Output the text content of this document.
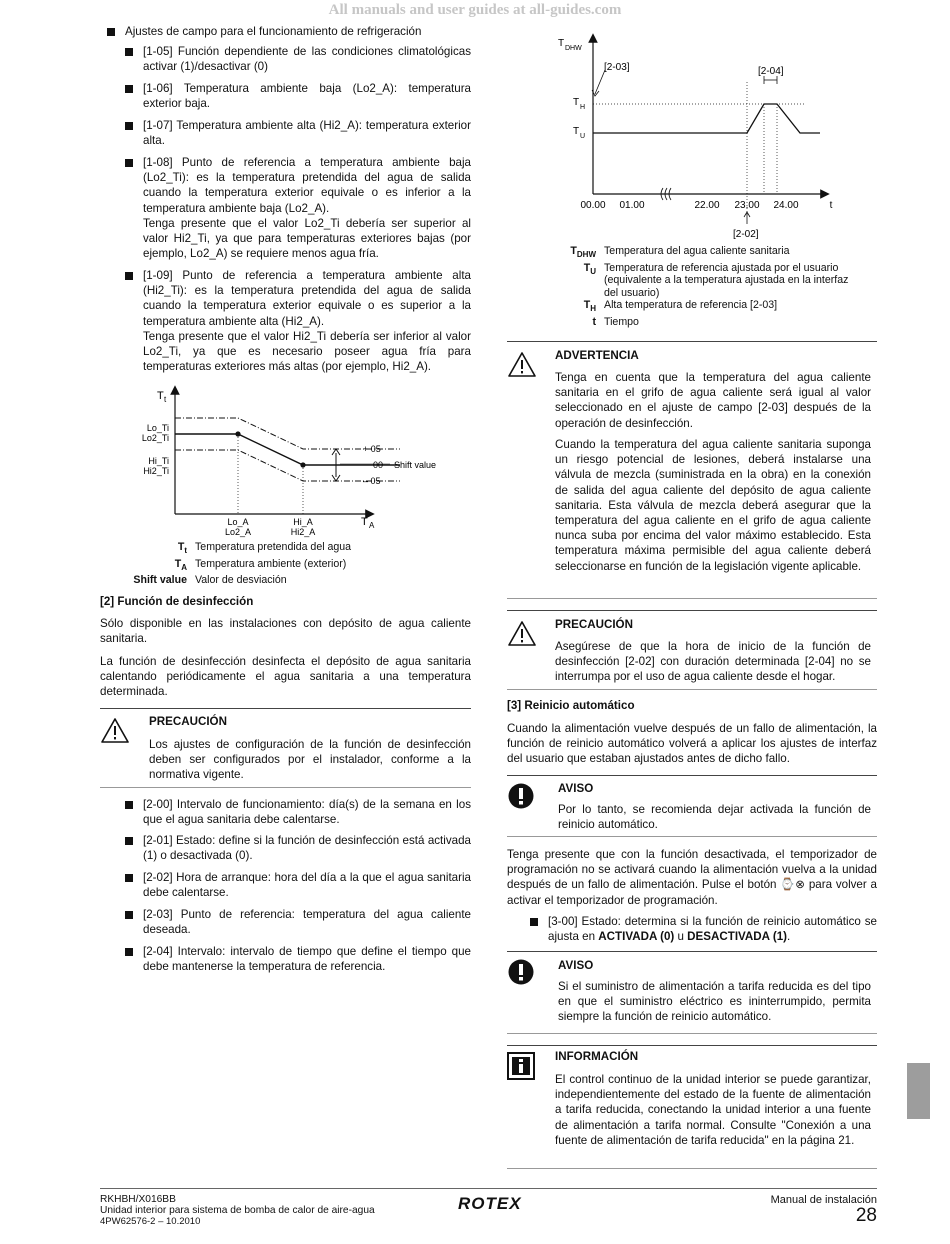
All manuals and user guides at all-guides.com
Ajustes de campo para el funcionamiento de refrigeración
[1-05] Función dependiente de las condiciones climatológicas activar (1)/desactivar (0)
[1-06] Temperatura ambiente baja (Lo2_A): temperatura exterior baja.
[1-07] Temperatura ambiente alta (Hi2_A): temperatura exterior alta.
[1-08] Punto de referencia a temperatura ambiente baja (Lo2_Ti): es la temperatura pretendida del agua de salida cuando la temperatura exterior equivale o es inferior a la temperatura ambiente baja (Lo2_A).
Tenga presente que el valor Lo2_Ti debería ser superior al valor Hi2_Ti, ya que para temperaturas exteriores bajas (por ejemplo, Lo2_A) se requiere menos agua fría.
[1-09] Punto de referencia a temperatura ambiente alta (Hi2_Ti): es la temperatura pretendida del agua de salida cuando la temperatura exterior equivale o es superior a la temperatura ambiente alta (Hi2_A).
Tenga presente que el valor Hi2_Ti debería ser inferior al valor Lo2_Ti, ya que es necesario poseer agua fría para temperaturas exteriores más altas (por ejemplo, Hi2_A).
T t
T A
Lo_Ti
Lo2_Ti
Hi_Ti
Hi2_Ti
Lo_A
Lo2_A
Hi_A
Hi2_A
+ 05
00
– 05
Shift value
$T_t$	Temperatura pretendida del agua
$T_A$	Temperatura ambiente (exterior)
Shift value	Valor de desviación
[2] Función de desinfección
Sólo disponible en las instalaciones con depósito de agua caliente sanitaria.
La función de desinfección desinfecta el depósito de agua sanitaria calentando periódicamente el agua sanitaria a una temperatura determinada.
PRECAUCIÓN
Los ajustes de configuración de la función de desinfección deben ser configurados por el instalador, conforme a la normativa vigente.
[2-00] Intervalo de funcionamiento: día(s) de la semana en los que el agua sanitaria debe calentarse.
[2-01] Estado: define si la función de desinfección está activada (1) o desactivada (0).
[2-02] Hora de arranque: hora del día a la que el agua sanitaria debe calentarse.
[2-03] Punto de referencia: temperatura del agua caliente deseada.
[2-04] Intervalo: intervalo de tiempo que define el tiempo que debe mantenerse la temperatura de referencia.
T DHW
T H
T U
[2-03]	[2-04]
00.00 01.00	22.00 23.00 24.00	t
[2-02]
$T_{DHW}$	Temperatura del agua caliente sanitaria
$T_U$	Temperatura de referencia ajustada por el usuario (equivalente a la temperatura ajustada en la interfaz del usuario)
$T_H$	Alta temperatura de referencia [2-03]
t	Tiempo
ADVERTENCIA
Tenga en cuenta que la temperatura del agua caliente sanitaria en el grifo de agua caliente será igual al valor seleccionado en el ajuste de campo [2-03] después de la operación de desinfección.
Cuando la temperatura del agua caliente sanitaria suponga un riesgo potencial de lesiones, deberá instalarse una válvula de mezcla (suministrada en la obra) en la conexión de salida del agua caliente del depósito de agua caliente sanitaria. Esta válvula de mezcla deberá asegurar que la temperatura del agua caliente en el grifo de agua caliente nunca suba por encima del valor máximo establecido. Esta temperatura máxima permisible del agua caliente deberá seleccionarse en función de la legislación vigente aplicable.
PRECAUCIÓN
Asegúrese de que la hora de inicio de la función de desinfección [2-02] con duración determinada [2-04] no se interrumpa por el uso de agua caliente desde el hogar.
[3] Reinicio automático
Cuando la alimentación vuelve después de un fallo de alimentación, la función de reinicio automático volverá a aplicar los ajustes de interfaz del usuario que estaban ajustados antes de dicho fallo.
AVISO
Por lo tanto, se recomienda dejar activada la función de reinicio automático.
Tenga presente que con la función desactivada, el temporizador de programación no se activará cuando la alimentación vuelva a la unidad después de un fallo de alimentación. Pulse el botón ⌚⊗ para volver a activar el temporizador de programación.
[3-00] Estado: determina si la función de reinicio automático se ajusta en ACTIVADA (0) u DESACTIVADA (1).
AVISO
Si el suministro de alimentación a tarifa reducida es del tipo en que el suministro eléctrico es ininterrumpido, permita siempre la función de reinicio automático.
INFORMACIÓN
El control continuo de la unidad interior se puede garantizar, independientemente del estado de la fuente de alimentación a tarifa reducida, conectando la unidad interior a una fuente de alimentación a tarifa normal. Consulte "Conexión a una fuente de alimentación de tarifa reducida" en la página 21.
RKHBH/X016BB
Unidad interior para sistema de bomba de calor de aire-agua
4PW62576-2 – 10.2010
ROTEX	Manual de instalación
28
